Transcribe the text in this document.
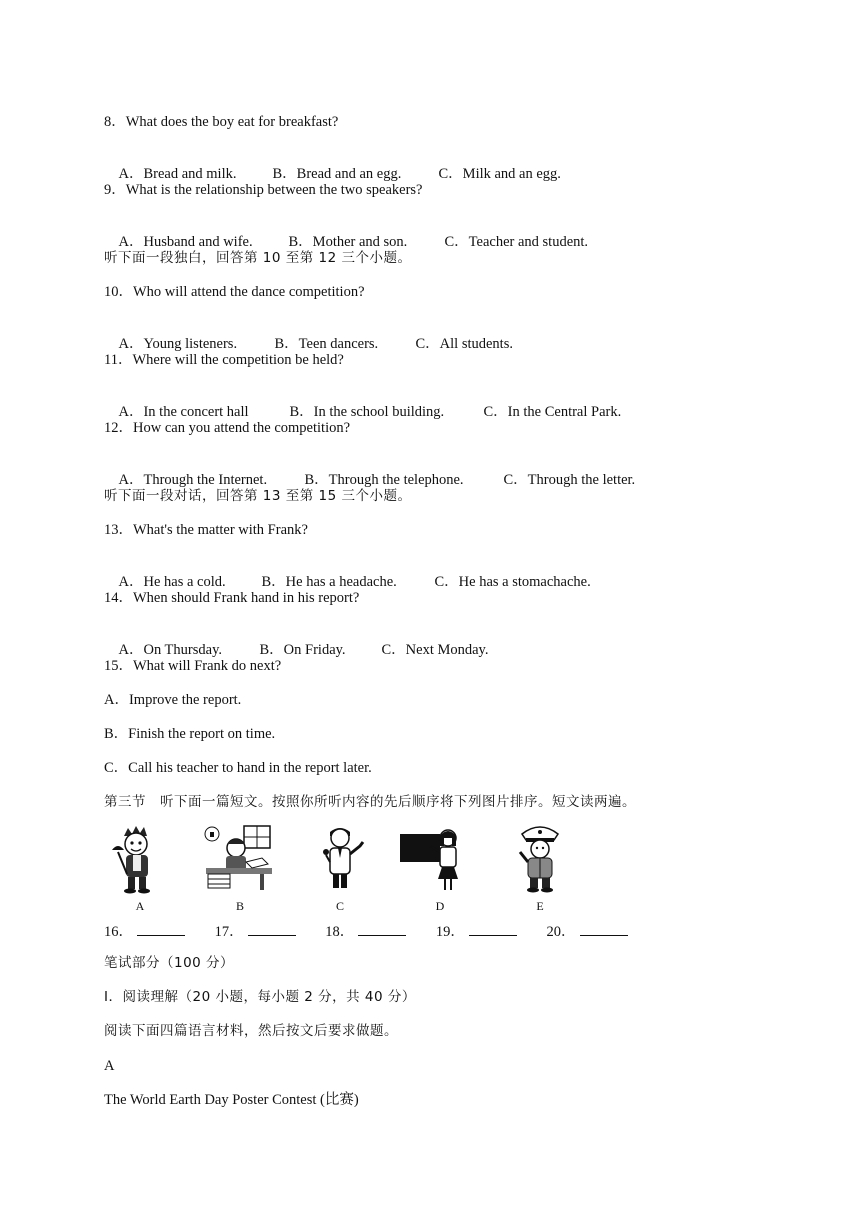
8．What does the boy eat for breakfast?

A．Bread and milk. B．Bread and an egg.	C．Milk and an egg.

9．What is the relationship between the two speakers?

A．Husband and wife. B．Mother and son.	C．Teacher and student.

听下面一段独白，回答第 10 至第 12 三个小题。
10．Who will attend the dance competition?

A．Young listeners.	B．Teen dancers.	C．All students.

11．Where will the competition be held?

A．In the concert hall	B．In the school building.	C．In the Central Park.

12．How can you attend the competition?

A．Through the Internet.	B．Through the telephone.	C．Through the letter.

听下面一段对话，回答第 13 至第 15 三个小题。
13．What's the matter with Frank?

A．He has a cold. B．He has a headache.	C．He has a stomachache.

14．When should Frank hand in his report?

A．On Thursday.	B．On Friday. C．Next Monday.

15．What will Frank do next?
A．Improve the report.
B．Finish the report on time.
C．Call his teacher to hand in the report later.
第三节　听下面一篇短文。按照你所听内容的先后顺序将下列图片排序。短文读两遍。
A	B	C	D	E
16．	17．	18．	19．	20．
笔试部分（100 分）
I．阅读理解（20 小题，每小题 2 分，共 40 分）
阅读下面四篇语言材料，然后按文后要求做题。
A
The World Earth Day Poster Contest (比赛)
